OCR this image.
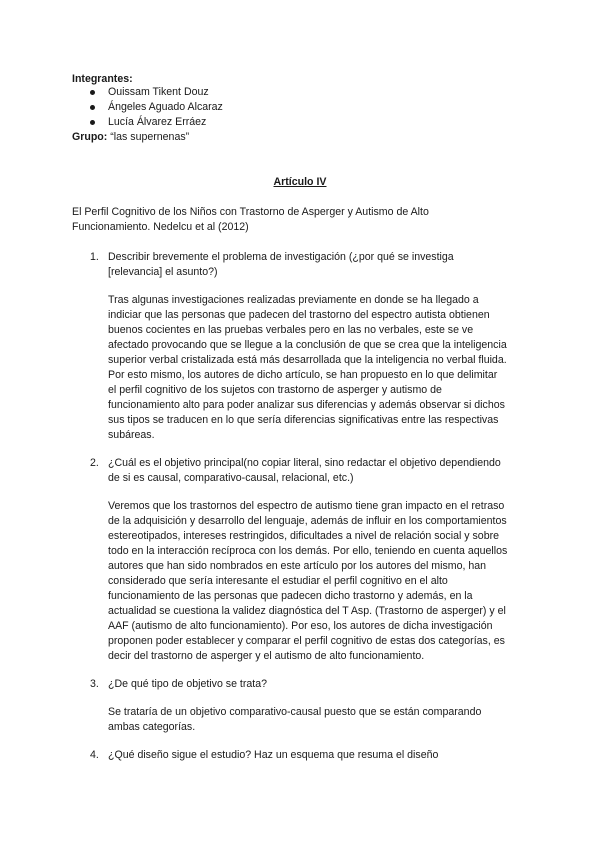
Integrantes:
Ouissam Tikent Douz
Ángeles Aguado Alcaraz
Lucía Álvarez Erráez
Grupo: “las supernenas”
Artículo IV
El Perfil Cognitivo de los Niños con Trastorno de Asperger y Autismo de Alto
Funcionamiento. Nedelcu et al (2012)
1. Describir brevemente el problema de investigación (¿por qué se investiga
[relevancia] el asunto?)
Tras algunas investigaciones realizadas previamente en donde se ha llegado a
indiciar que las personas que padecen del trastorno del espectro autista obtienen
buenos cocientes en las pruebas verbales pero en las no verbales, este se ve
afectado provocando que se llegue a la conclusión de que se crea que la inteligencia
superior verbal cristalizada está más desarrollada que la inteligencia no verbal fluida.
Por esto mismo, los autores de dicho artículo, se han propuesto en lo que delimitar
el perfil cognitivo de los sujetos con trastorno de asperger y autismo de
funcionamiento alto para poder analizar sus diferencias y además observar si dichos
sus tipos se traducen en lo que sería diferencias significativas entre las respectivas
subáreas.
2. ¿Cuál es el objetivo principal(no copiar literal, sino redactar el objetivo dependiendo
de si es causal, comparativo-causal, relacional, etc.)
Veremos que los trastornos del espectro de autismo tiene gran impacto en el retraso
de la adquisición y desarrollo del lenguaje, además de influir en los comportamientos
estereotipados, intereses restringidos, dificultades a nivel de relación social y sobre
todo en la interacción recíproca con los demás. Por ello, teniendo en cuenta aquellos
autores que han sido nombrados en este artículo por los autores del mismo, han
considerado que sería interesante el estudiar el perfil cognitivo en el alto
funcionamiento de las personas que padecen dicho trastorno y además, en la
actualidad se cuestiona la validez diagnóstica del T Asp. (Trastorno de asperger) y el
AAF (autismo de alto funcionamiento). Por eso, los autores de dicha investigación
proponen poder establecer y comparar el perfil cognitivo de estas dos categorías, es
decir del trastorno de asperger y el autismo de alto funcionamiento.
3. ¿De qué tipo de objetivo se trata?
Se trataría de un objetivo comparativo-causal puesto que se están comparando
ambas categorías.
4. ¿Qué diseño sigue el estudio? Haz un esquema que resuma el diseño
